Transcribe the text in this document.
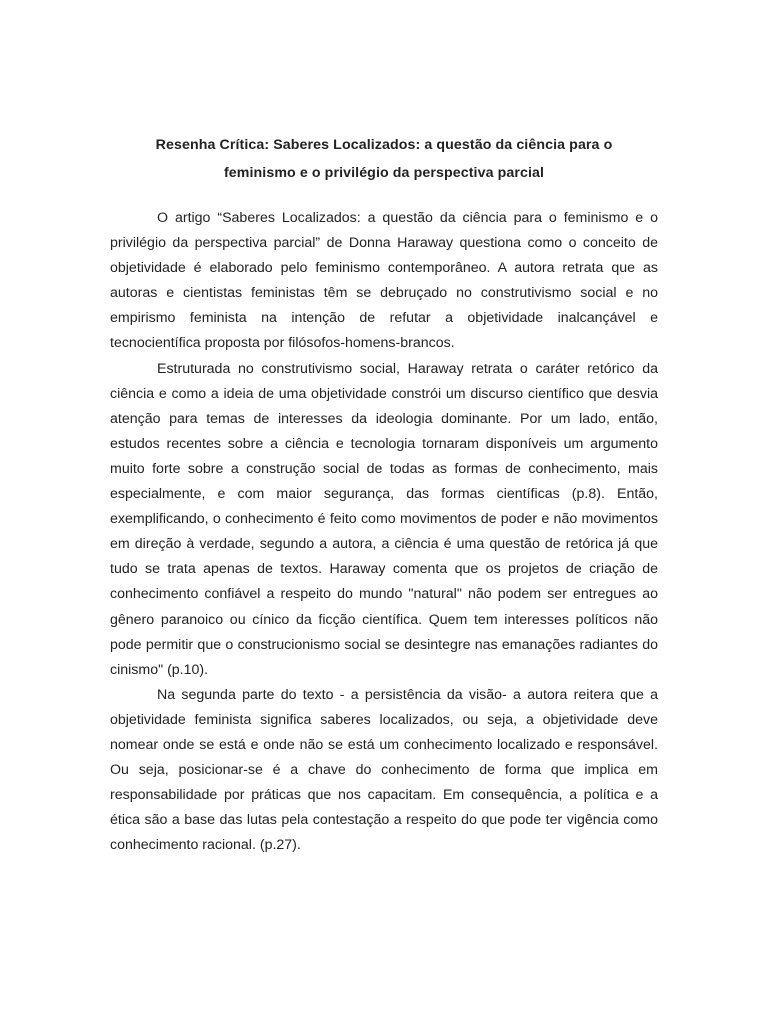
Resenha Crítica: Saberes Localizados: a questão da ciência para o
feminismo e o privilégio da perspectiva parcial

O artigo “Saberes Localizados: a questão da ciência para o feminismo e o privilégio da perspectiva parcial” de Donna Haraway questiona como o conceito de objetividade é elaborado pelo feminismo contemporâneo. A autora retrata que as autoras e cientistas feministas têm se debruçado no construtivismo social e no empirismo feminista na intenção de refutar a objetividade inalcançável e tecnocientífica proposta por filósofos-homens-brancos.

Estruturada no construtivismo social, Haraway retrata o caráter retórico da ciência e como a ideia de uma objetividade constrói um discurso científico que desvia atenção para temas de interesses da ideologia dominante. Por um lado, então, estudos recentes sobre a ciência e tecnologia tornaram disponíveis um argumento muito forte sobre a construção social de todas as formas de conhecimento, mais especialmente, e com maior segurança, das formas científicas (p.8). Então, exemplificando, o conhecimento é feito como movimentos de poder e não movimentos em direção à verdade, segundo a autora, a ciência é uma questão de retórica já que tudo se trata apenas de textos. Haraway comenta que os projetos de criação de conhecimento confiável a respeito do mundo "natural" não podem ser entregues ao gênero paranoico ou cínico da ficção científica. Quem tem interesses políticos não pode permitir que o construcionismo social se desintegre nas emanações radiantes do cinismo" (p.10).

Na segunda parte do texto - a persistência da visão- a autora reitera que a objetividade feminista significa saberes localizados, ou seja, a objetividade deve nomear onde se está e onde não se está um conhecimento localizado e responsável. Ou seja, posicionar-se é a chave do conhecimento de forma que implica em responsabilidade por práticas que nos capacitam. Em consequência, a política e a ética são a base das lutas pela contestação a respeito do que pode ter vigência como conhecimento racional. (p.27).
